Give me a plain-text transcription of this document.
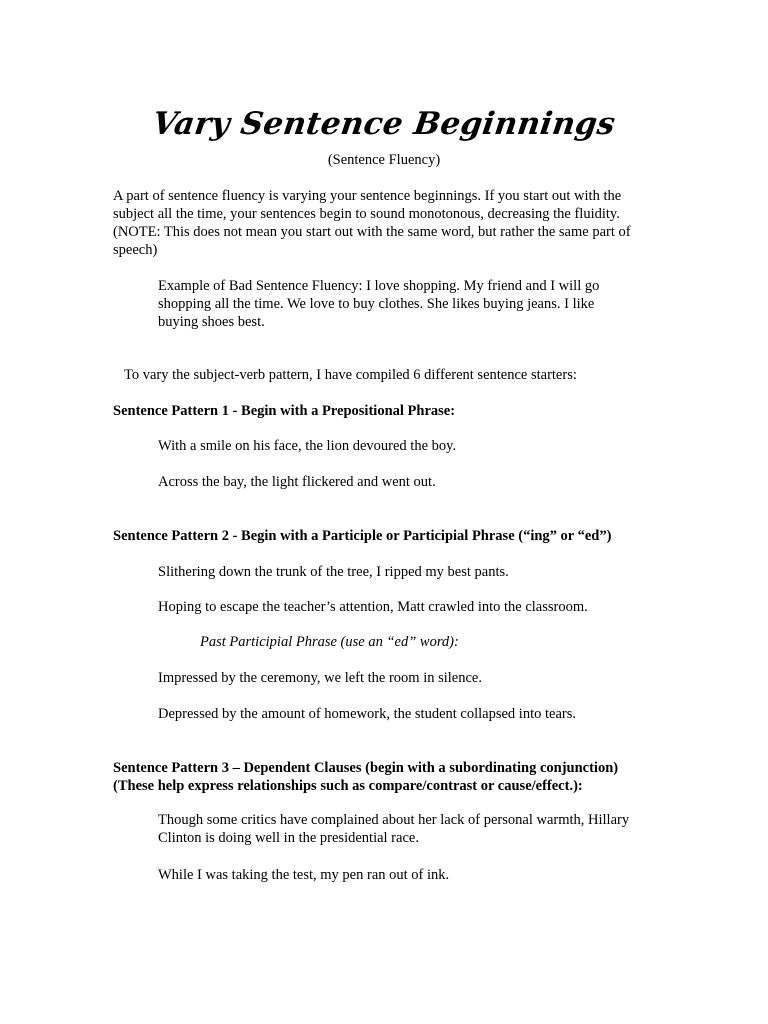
Vary Sentence Beginnings

(Sentence Fluency)

A part of sentence fluency is varying your sentence beginnings. If you start out with the subject all the time, your sentences begin to sound monotonous, decreasing the fluidity. (NOTE: This does not mean you start out with the same word, but rather the same part of speech)

Example of Bad Sentence Fluency: I love shopping. My friend and I will go shopping all the time. We love to buy clothes. She likes buying jeans. I like buying shoes best.

To vary the subject-verb pattern, I have compiled 6 different sentence starters:

Sentence Pattern 1 - Begin with a Prepositional Phrase:

With a smile on his face, the lion devoured the boy.

Across the bay, the light flickered and went out.

Sentence Pattern 2 - Begin with a Participle or Participial Phrase (“ing” or “ed”)

Slithering down the trunk of the tree, I ripped my best pants.

Hoping to escape the teacher’s attention, Matt crawled into the classroom.

Past Participial Phrase (use an “ed” word):

Impressed by the ceremony, we left the room in silence.

Depressed by the amount of homework, the student collapsed into tears.

Sentence Pattern 3 – Dependent Clauses (begin with a subordinating conjunction) (These help express relationships such as compare/contrast or cause/effect.):

Though some critics have complained about her lack of personal warmth, Hillary Clinton is doing well in the presidential race.

While I was taking the test, my pen ran out of ink.
